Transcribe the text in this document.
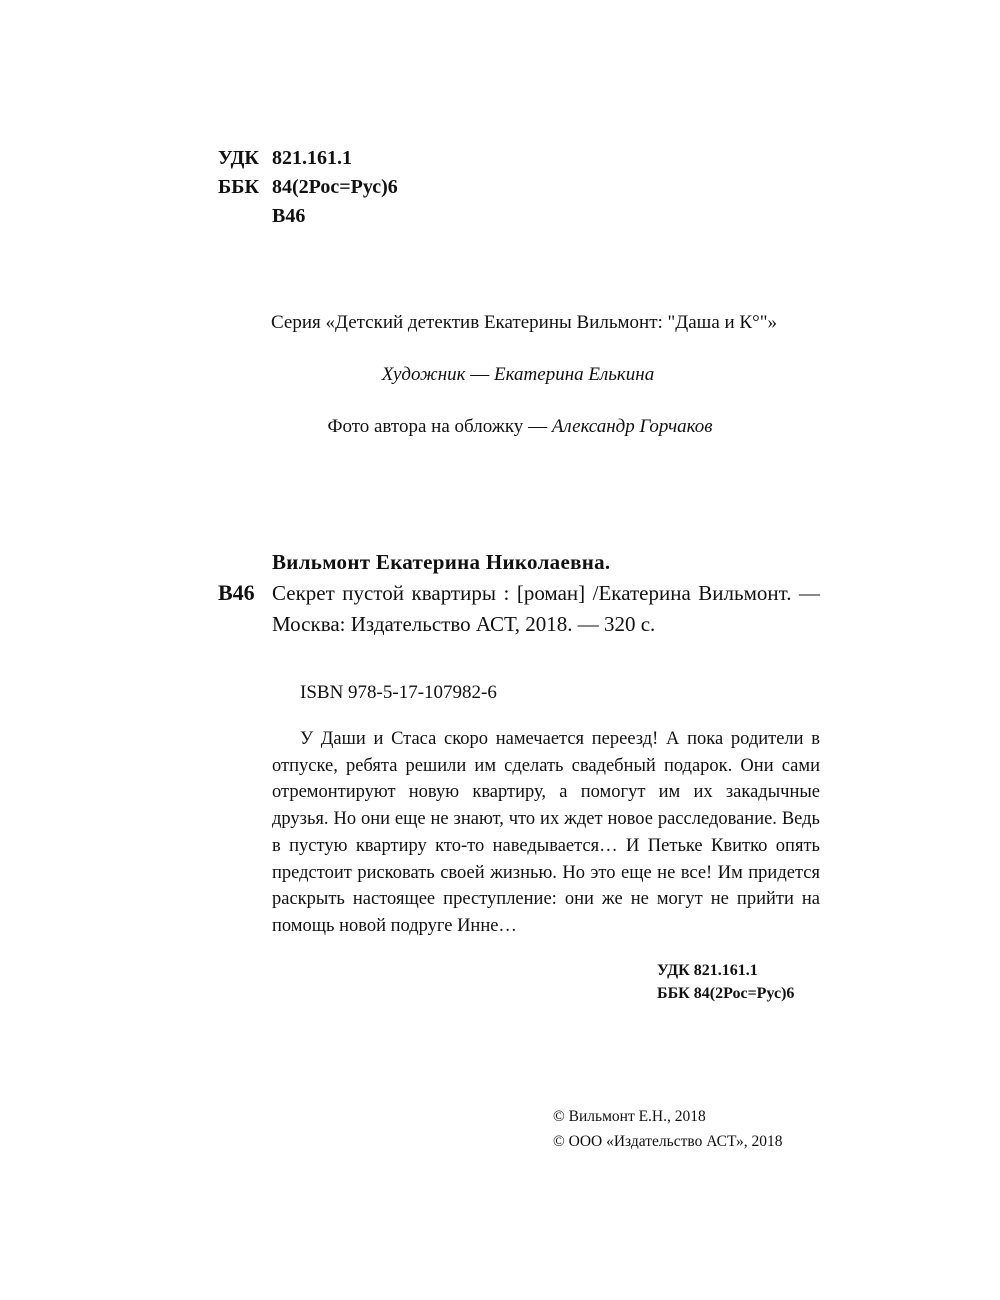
УДК 821.161.1
ББК 84(2Рос=Рус)6
В46
Серия «Детский детектив Екатерины Вильмонт: "Даша и К°"»
Художник — Екатерина Елькина
Фото автора на обложку — Александр Горчаков
Вильмонт Екатерина Николаевна.
В46 Секрет пустой квартиры : [роман] /Екатерина Вильмонт. — Москва: Издательство АСТ, 2018. — 320 с.
ISBN 978-5-17-107982-6
У Даши и Стаса скоро намечается переезд! А пока родители в отпуске, ребята решили им сделать свадебный подарок. Они сами отремонтируют новую квартиру, а помогут им их закадычные друзья. Но они еще не знают, что их ждет новое расследование. Ведь в пустую квартиру кто-то наведывается… И Петьке Квитко опять предстоит рисковать своей жизнью. Но это еще не все! Им придется раскрыть настоящее преступление: они же не могут не прийти на помощь новой подруге Инне…
УДК 821.161.1
ББК 84(2Рос=Рус)6
© Вильмонт Е.Н., 2018
© ООО «Издательство АСТ», 2018
